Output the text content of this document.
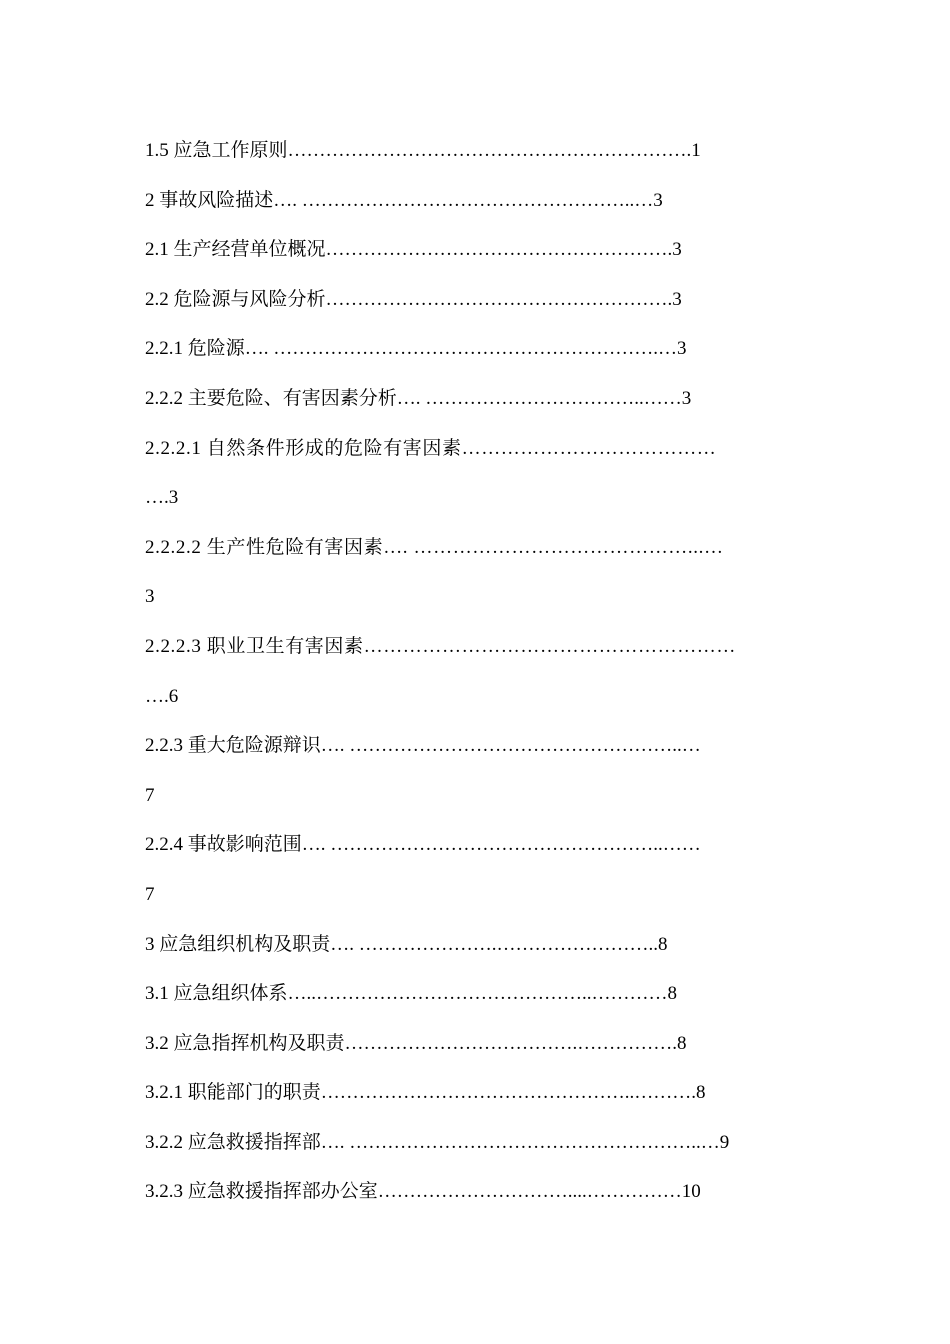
1.5 应急工作原则……………………………………………………….1
2 事故风险描述…. ……………………………………………..…3
2.1 生产经营单位概况……………………………………………….3
2.2 危险源与风险分析……………………………………………….3
2.2.1 危险源…. …………………………………………………….…3
2.2.2 主要危险、有害因素分析…. ……………………………..……3
2.2.2.1 自然条件形成的危险有害因素…………………………………
….3
2.2.2.2 生产性危险有害因素…. ……………………………………...…
3
2.2.2.3 职业卫生有害因素…………………………………………………
….6
2.2.3 重大危险源辩识…. ……………………………………………..…
7
2.2.4 事故影响范围…. ……………………………………………..……
7
3 应急组织机构及职责…. ………………….……………………..8
3.1 应急组织体系…..……………………………………..…………8
3.2 应急指挥机构及职责……………………………….…………….8
3.2.1 职能部门的职责…………………………………………..……….8
3.2.2 应急救援指挥部…. ………………………………………………..…9
3.2.3 应急救援指挥部办公室…………………………....……………10
